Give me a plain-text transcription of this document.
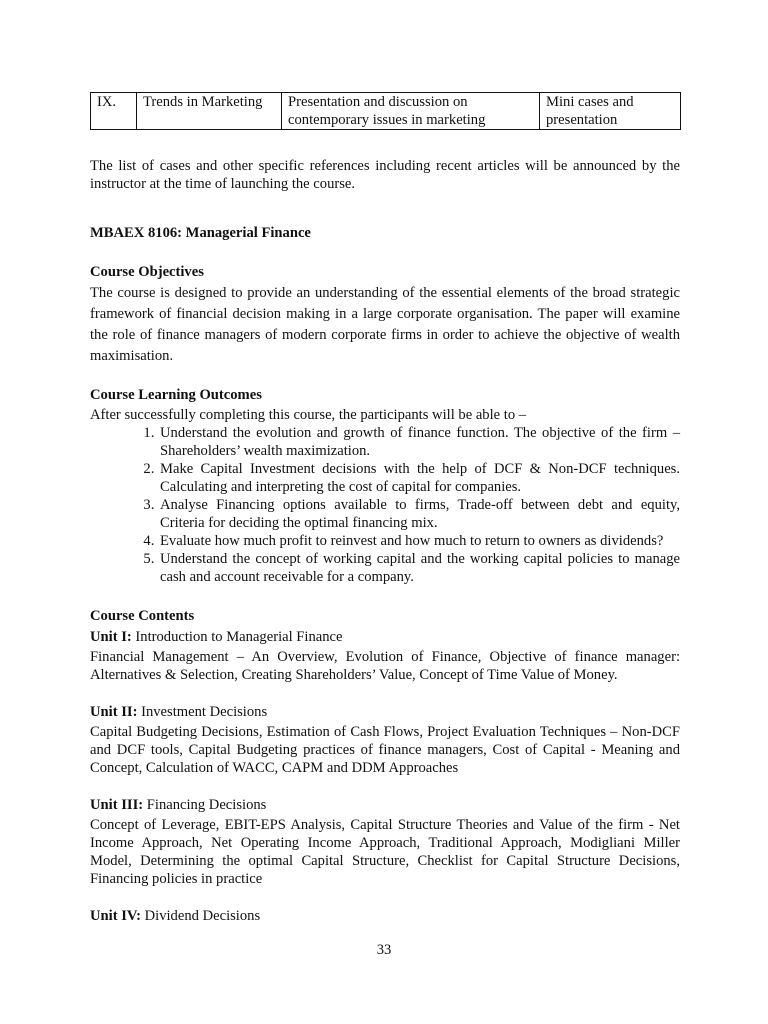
IX.	Trends in Marketing	Presentation and discussion on contemporary issues in marketing	Mini cases and presentation

The list of cases and other specific references including recent articles will be announced by the instructor at the time of launching the course.

MBAEX 8106: Managerial Finance

Course Objectives

The course is designed to provide an understanding of the essential elements of the broad strategic framework of financial decision making in a large corporate organisation. The paper will examine the role of finance managers of modern corporate firms in order to achieve the objective of wealth maximisation.

Course Learning Outcomes

After successfully completing this course, the participants will be able to –

1. Understand the evolution and growth of finance function. The objective of the firm – Shareholders’ wealth maximization.
2. Make Capital Investment decisions with the help of DCF & Non-DCF techniques. Calculating and interpreting the cost of capital for companies.
3. Analyse Financing options available to firms, Trade-off between debt and equity, Criteria for deciding the optimal financing mix.
4. Evaluate how much profit to reinvest and how much to return to owners as dividends?
5. Understand the concept of working capital and the working capital policies to manage cash and account receivable for a company.

Course Contents

Unit I: Introduction to Managerial Finance

Financial Management – An Overview, Evolution of Finance, Objective of finance manager: Alternatives & Selection, Creating Shareholders’ Value, Concept of Time Value of Money.

Unit II: Investment Decisions

Capital Budgeting Decisions, Estimation of Cash Flows, Project Evaluation Techniques – Non-DCF and DCF tools, Capital Budgeting practices of finance managers, Cost of Capital - Meaning and Concept, Calculation of WACC, CAPM and DDM Approaches

Unit III: Financing Decisions

Concept of Leverage, EBIT-EPS Analysis, Capital Structure Theories and Value of the firm - Net Income Approach, Net Operating Income Approach, Traditional Approach, Modigliani Miller Model, Determining the optimal Capital Structure, Checklist for Capital Structure Decisions, Financing policies in practice

Unit IV: Dividend Decisions

33
